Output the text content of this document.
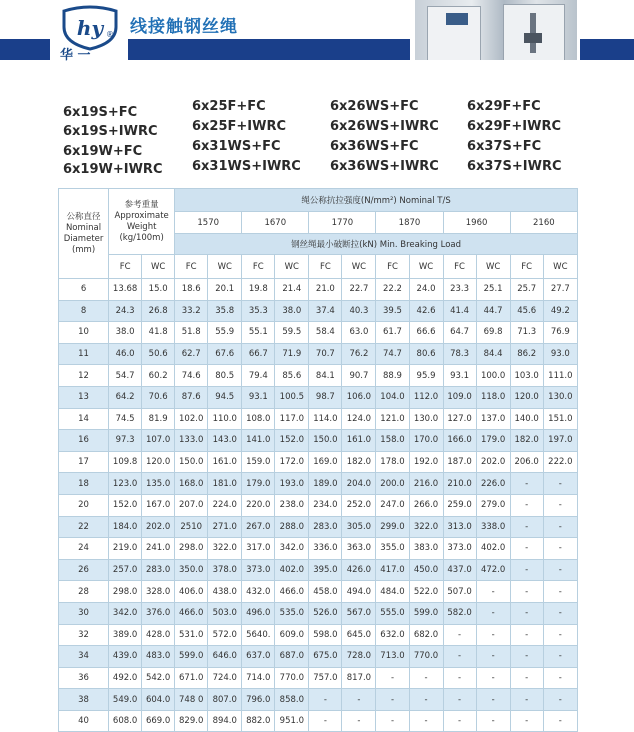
hy
华 一
® 线接触钢丝绳
6x19S+FC
6x19S+IWRC
6x19W+FC
6x19W+IWRC
6x25F+FC
6x25F+IWRC
6x31WS+FC
6x31WS+IWRC
6x26WS+FC
6x26WS+IWRC
6x36WS+FC
6x36WS+IWRC
6x29F+FC
6x29F+IWRC
6x37S+FC
6x37S+IWRC
公称直径 Nominal Diameter (mm)	参考重量 Approximate Weight (kg/100m)		绳公称抗拉强度(N/mm²) Nominal T/S											
			1570		1670		1770		1870		1960		2160	
			钢丝绳最小破断拉(kN) Min. Breaking Load											
	FC	WC	FC	WC	FC	WC	FC	WC	FC	WC	FC	WC	FC	WC
6	13.68	15.0	18.6	20.1	19.8	21.4	21.0	22.7	22.2	24.0	23.3	25.1	25.7	27.7
8	24.3	26.8	33.2	35.8	35.3	38.0	37.4	40.3	39.5	42.6	41.4	44.7	45.6	49.2
10	38.0	41.8	51.8	55.9	55.1	59.5	58.4	63.0	61.7	66.6	64.7	69.8	71.3	76.9
11	46.0	50.6	62.7	67.6	66.7	71.9	70.7	76.2	74.7	80.6	78.3	84.4	86.2	93.0
12	54.7	60.2	74.6	80.5	79.4	85.6	84.1	90.7	88.9	95.9	93.1	100.0	103.0	111.0
13	64.2	70.6	87.6	94.5	93.1	100.5	98.7	106.0	104.0	112.0	109.0	118.0	120.0	130.0
14	74.5	81.9	102.0	110.0	108.0	117.0	114.0	124.0	121.0	130.0	127.0	137.0	140.0	151.0
16	97.3	107.0	133.0	143.0	141.0	152.0	150.0	161.0	158.0	170.0	166.0	179.0	182.0	197.0
17	109.8	120.0	150.0	161.0	159.0	172.0	169.0	182.0	178.0	192.0	187.0	202.0	206.0	222.0
18	123.0	135.0	168.0	181.0	179.0	193.0	189.0	204.0	200.0	216.0	210.0	226.0	-	-
20	152.0	167.0	207.0	224.0	220.0	238.0	234.0	252.0	247.0	266.0	259.0	279.0	-	-
22	184.0	202.0	2510	271.0	267.0	288.0	283.0	305.0	299.0	322.0	313.0	338.0	-	-
24	219.0	241.0	298.0	322.0	317.0	342.0	336.0	363.0	355.0	383.0	373.0	402.0	-	-
26	257.0	283.0	350.0	378.0	373.0	402.0	395.0	426.0	417.0	450.0	437.0	472.0	-	-
28	298.0	328.0	406.0	438.0	432.0	466.0	458.0	494.0	484.0	522.0	507.0	-	-	-
30	342.0	376.0	466.0	503.0	496.0	535.0	526.0	567.0	555.0	599.0	582.0	-	-	-
32	389.0	428.0	531.0	572.0	5640.	609.0	598.0	645.0	632.0	682.0	-	-	-	-
34	439.0	483.0	599.0	646.0	637.0	687.0	675.0	728.0	713.0	770.0	-	-	-	-
36	492.0	542.0	671.0	724.0	714.0	770.0	757.0	817.0	-	-	-	-	-	-
38	549.0	604.0	748 0	807.0	796.0	858.0	-	-	-	-	-	-	-	-
40	608.0	669.0	829.0	894.0	882.0	951.0	-	-	-	-	-	-	-	-
